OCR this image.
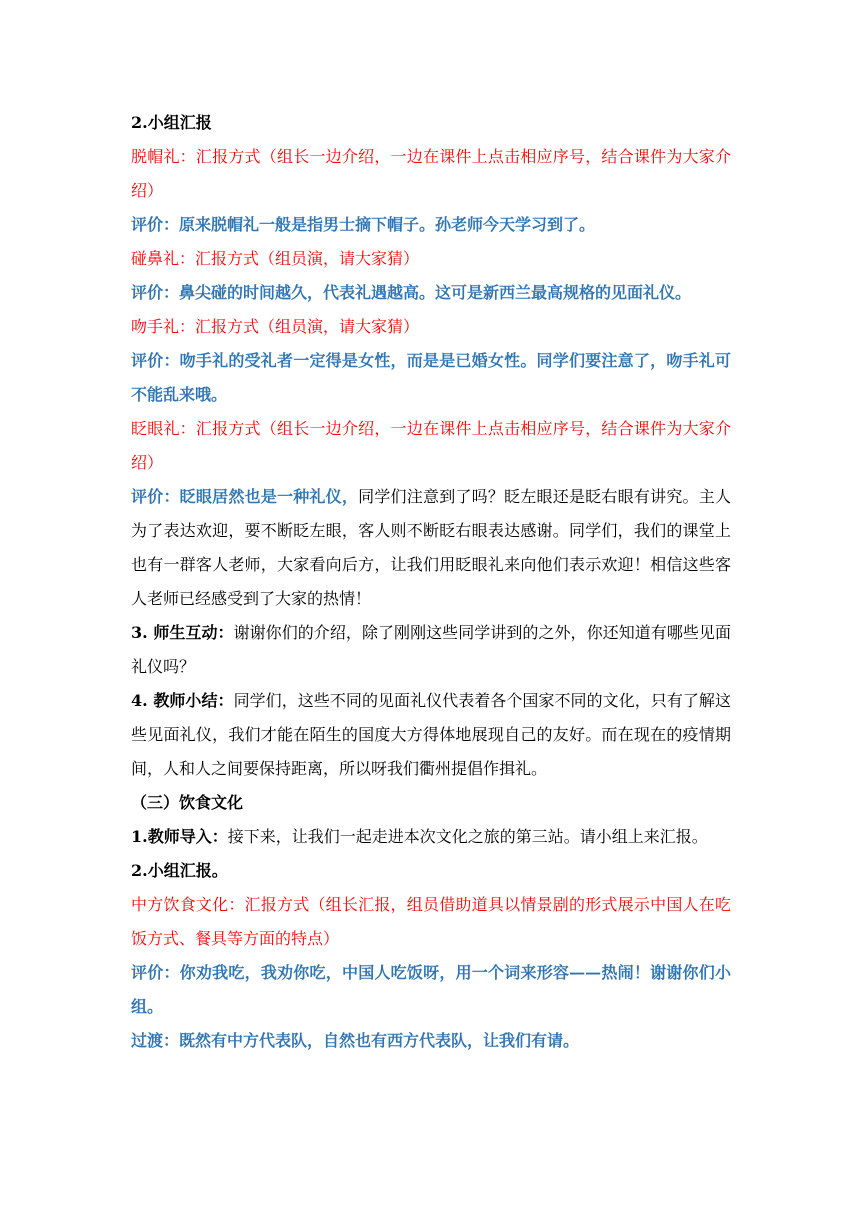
2.小组汇报
脱帽礼：汇报方式（组长一边介绍，一边在课件上点击相应序号，结合课件为大家介绍）
评价：原来脱帽礼一般是指男士摘下帽子。孙老师今天学习到了。
碰鼻礼：汇报方式（组员演，请大家猜）
评价：鼻尖碰的时间越久，代表礼遇越高。这可是新西兰最高规格的见面礼仪。
吻手礼：汇报方式（组员演，请大家猜）
评价：吻手礼的受礼者一定得是女性，而是是已婚女性。同学们要注意了，吻手礼可不能乱来哦。
眨眼礼：汇报方式（组长一边介绍，一边在课件上点击相应序号，结合课件为大家介绍）
评价：眨眼居然也是一种礼仪，同学们注意到了吗？眨左眼还是眨右眼有讲究。主人为了表达欢迎，要不断眨左眼，客人则不断眨右眼表达感谢。同学们，我们的课堂上也有一群客人老师，大家看向后方，让我们用眨眼礼来向他们表示欢迎！相信这些客人老师已经感受到了大家的热情！
3. 师生互动：谢谢你们的介绍，除了刚刚这些同学讲到的之外，你还知道有哪些见面礼仪吗？
4. 教师小结：同学们，这些不同的见面礼仪代表着各个国家不同的文化，只有了解这些见面礼仪，我们才能在陌生的国度大方得体地展现自己的友好。而在现在的疫情期间，人和人之间要保持距离，所以呀我们衢州提倡作揖礼。
（三）饮食文化
1.教师导入：接下来，让我们一起走进本次文化之旅的第三站。请小组上来汇报。
2.小组汇报。
中方饮食文化：汇报方式（组长汇报，组员借助道具以情景剧的形式展示中国人在吃饭方式、餐具等方面的特点）
评价：你劝我吃，我劝你吃，中国人吃饭呀，用一个词来形容——热闹！谢谢你们小组。
过渡：既然有中方代表队，自然也有西方代表队，让我们有请。
